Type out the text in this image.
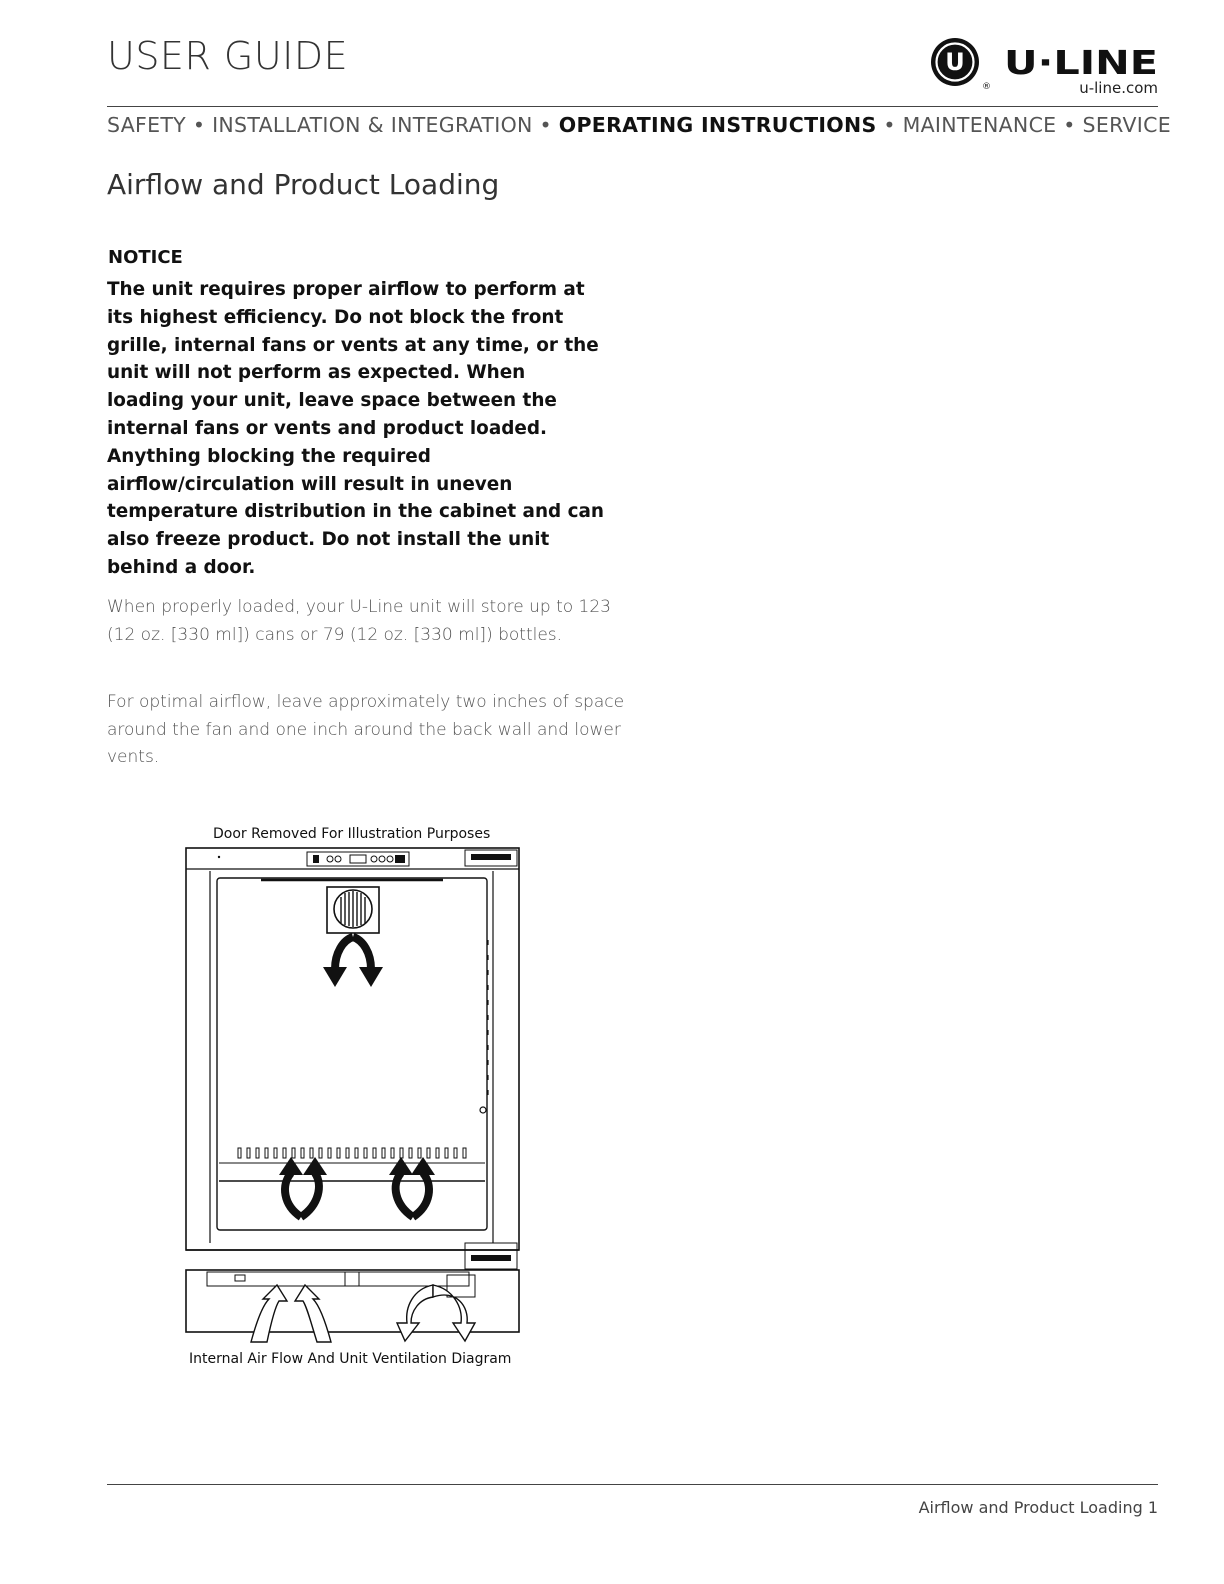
USER GUIDE	U
®
U·LINE
u-line.com
SAFETY • INSTALLATION & INTEGRATION • OPERATING INSTRUCTIONS • MAINTENANCE • SERVICE
Airflow and Product Loading
NOTICE
The unit requires proper airflow to perform at its highest efficiency. Do not block the front grille, internal fans or vents at any time, or the unit will not perform as expected. When loading your unit, leave space between the internal fans or vents and product loaded. Anything blocking the required airflow/circulation will result in uneven temperature distribution in the cabinet and can also freeze product. Do not install the unit behind a door.
When properly loaded, your U-Line unit will store up to 123 (12 oz. [330 ml]) cans or 79 (12 oz. [330 ml]) bottles.
For optimal airflow, leave approximately two inches of space around the fan and one inch around the back wall and lower vents.
Door Removed For Illustration Purposes
Internal Air Flow And Unit Ventilation Diagram
Airflow and Product Loading 1
